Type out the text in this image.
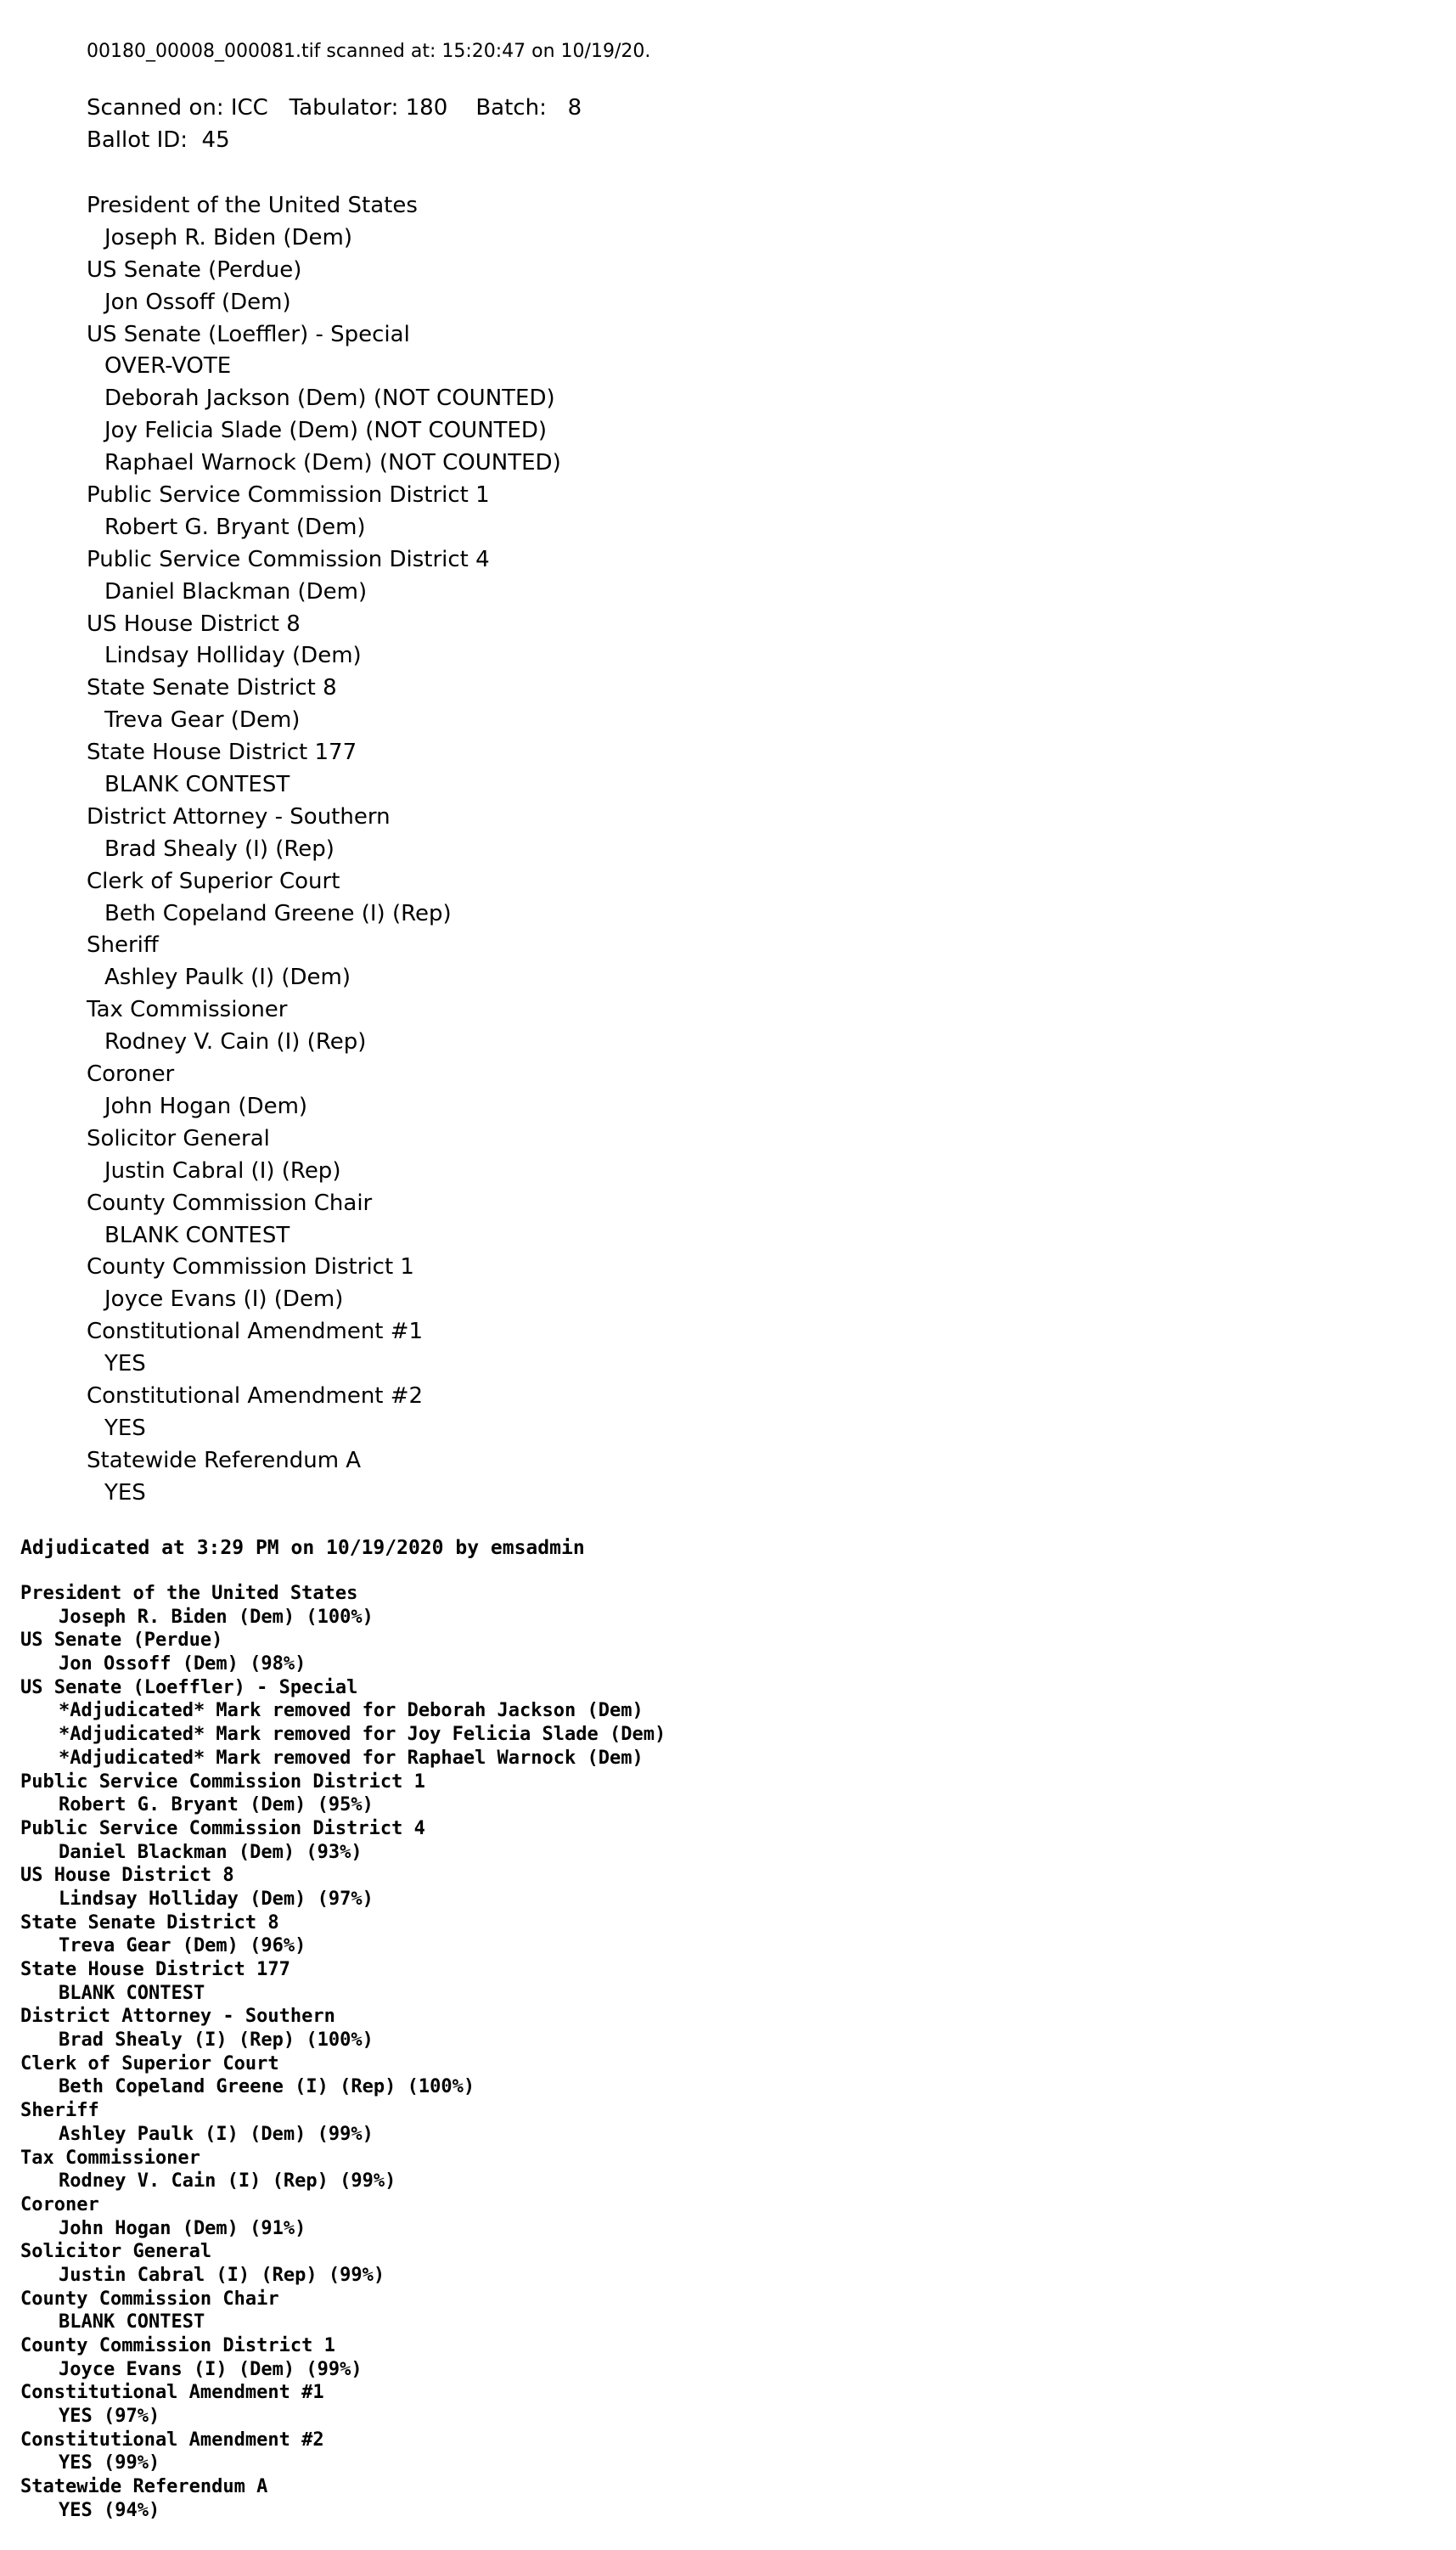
00180_00008_000081.tif scanned at: 15:20:47 on 10/19/20.
Scanned on: ICC   Tabulator: 180    Batch:   8
Ballot ID:  45
President of the United States
Joseph R. Biden (Dem)
US Senate (Perdue)
Jon Ossoff (Dem)
US Senate (Loeffler) - Special
OVER-VOTE
Deborah Jackson (Dem) (NOT COUNTED)
Joy Felicia Slade (Dem) (NOT COUNTED)
Raphael Warnock (Dem) (NOT COUNTED)
Public Service Commission District 1
Robert G. Bryant (Dem)
Public Service Commission District 4
Daniel Blackman (Dem)
US House District 8
Lindsay Holliday (Dem)
State Senate District 8
Treva Gear (Dem)
State House District 177
BLANK CONTEST
District Attorney - Southern
Brad Shealy (I) (Rep)
Clerk of Superior Court
Beth Copeland Greene (I) (Rep)
Sheriff
Ashley Paulk (I) (Dem)
Tax Commissioner
Rodney V. Cain (I) (Rep)
Coroner
John Hogan (Dem)
Solicitor General
Justin Cabral (I) (Rep)
County Commission Chair
BLANK CONTEST
County Commission District 1
Joyce Evans (I) (Dem)
Constitutional Amendment #1
YES
Constitutional Amendment #2
YES
Statewide Referendum A
YES
Adjudicated at 3:29 PM on 10/19/2020 by emsadmin
President of the United States
Joseph R. Biden (Dem) (100%)
US Senate (Perdue)
Jon Ossoff (Dem) (98%)
US Senate (Loeffler) - Special
*Adjudicated* Mark removed for Deborah Jackson (Dem)
*Adjudicated* Mark removed for Joy Felicia Slade (Dem)
*Adjudicated* Mark removed for Raphael Warnock (Dem)
Public Service Commission District 1
Robert G. Bryant (Dem) (95%)
Public Service Commission District 4
Daniel Blackman (Dem) (93%)
US House District 8
Lindsay Holliday (Dem) (97%)
State Senate District 8
Treva Gear (Dem) (96%)
State House District 177
BLANK CONTEST
District Attorney - Southern
Brad Shealy (I) (Rep) (100%)
Clerk of Superior Court
Beth Copeland Greene (I) (Rep) (100%)
Sheriff
Ashley Paulk (I) (Dem) (99%)
Tax Commissioner
Rodney V. Cain (I) (Rep) (99%)
Coroner
John Hogan (Dem) (91%)
Solicitor General
Justin Cabral (I) (Rep) (99%)
County Commission Chair
BLANK CONTEST
County Commission District 1
Joyce Evans (I) (Dem) (99%)
Constitutional Amendment #1
YES (97%)
Constitutional Amendment #2
YES (99%)
Statewide Referendum A
YES (94%)
